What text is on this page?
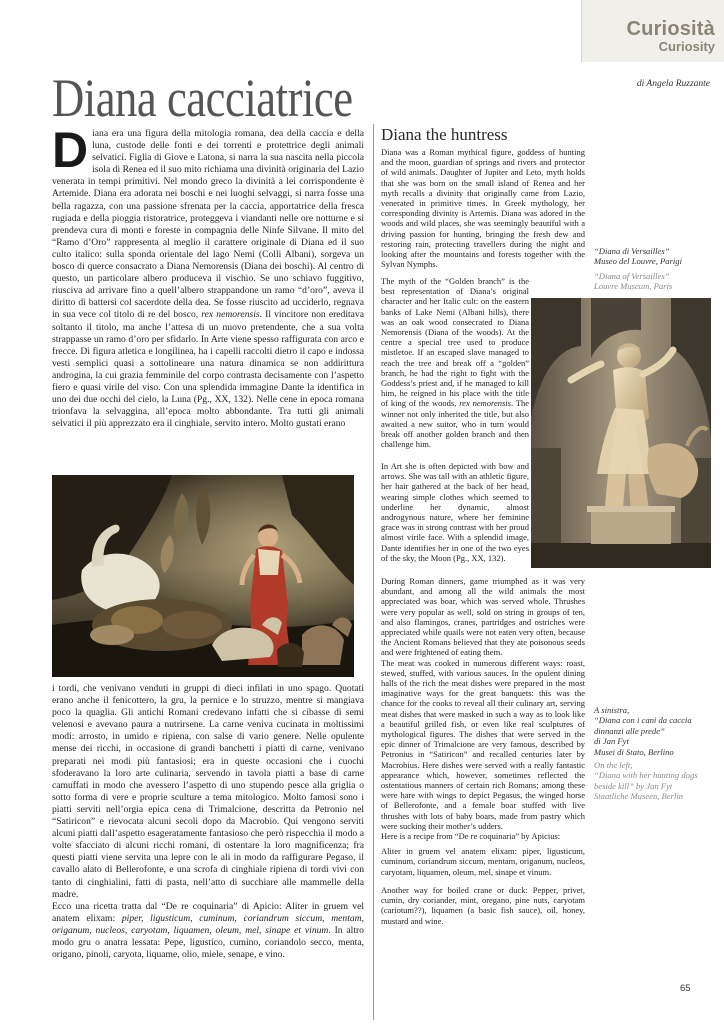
Curiosità
Curiosity
di Angela Ruzzante
Diana cacciatrice
Diana era una figura della mitologia romana, dea della caccia e della luna, custode delle fonti e dei torrenti e protettrice degli animali selvatici. Figlia di Giove e Latona, si narra la sua nascita nella piccola isola di Renea ed il suo mito richiama una divinità originaria del Lazio venerata in tempi primitivi. Nel mondo greco la divinità a lei corrispondente è Artemide. Diana era adorata nei boschi e nei luoghi selvaggi, si narra fosse una bella ragazza, con una passione sfrenata per la caccia, apportatrice della fresca rugiada e della pioggia ristoratrice, proteggeva i viandanti nelle ore notturne e si prendeva cura di monti e foreste in compagnia delle Ninfe Silvane. Il mito del “Ramo d’Oro” rappresenta al meglio il carattere originale di Diana ed il suo culto italico: sulla sponda orientale del lago Nemi (Colli Albani), sorgeva un bosco di querce consacrato a Diana Nemorensis (Diana dei boschi). Al centro di questo, un particolare albero produceva il vischio. Se uno schiavo fuggitivo, riusciva ad arrivare fino a quell’albero strappandone un ramo “d’oro”, aveva il diritto di battersi col sacerdote della dea. Se fosse riuscito ad ucciderlo, regnava in sua vece col titolo di re del bosco, rex nemorensis. Il vincitore non ereditava soltanto il titolo, ma anche l’attesa di un nuovo pretendente, che a sua volta strappasse un ramo d’oro per sfidarlo. In Arte viene spesso raffigurata con arco e frecce. Di figura atletica e longilinea, ha i capelli raccolti dietro il capo e indossa vesti semplici quasi a sottolineare una natura dinamica se non addirittura androgina, la cui grazia femminile del corpo contrasta decisamente con l’aspetto fiero e quasi virile del viso. Con una splendida immagine Dante la identifica in uno dei due occhi del cielo, la Luna (Pg., XX, 132). Nelle cene in epoca romana trionfava la selvaggina, all’epoca molto abbondante. Tra tutti gli animali selvatici il più apprezzato era il cinghiale, servito intero. Molto gustati erano

i tordi, che venivano venduti in gruppi di dieci infilati in uno spago. Quotati erano anche il fenicottero, la gru, la pernice e lo struzzo, mentre si mangiava poco la quaglia. Gli antichi Romani credevano infatti che si cibasse di semi velenosi e avevano paura a nutrirsene. La carne veniva cucinata in moltissimi modi: arrosto, in umido e ripiena, con salse di vario genere. Nelle opulente mense dei ricchi, in occasione di grandi banchetti i piatti di carne, venivano preparati nei modi più fantasiosi; era in queste occasioni che i cuochi sfoderavano la loro arte culinaria, servendo in tavola piatti a base di carne camuffati in modo che avessero l’aspetto di uno stupendo pesce alla griglia o sotto forma di vere e proprie sculture a tema mitologico. Molto famosi sono i piatti serviti nell’orgia epica cena di Trimalcione, descritta da Petronio nel “Satiricon” e rievocata alcuni secoli dopo da Macrobio. Qui vengono serviti alcuni piatti dall’aspetto esageratamente fantasioso che però rispecchia il modo a volte sfacciato di alcuni ricchi romani, di ostentare la loro magnificenza; fra questi piatti viene servita una lepre con le ali in modo da raffigurare Pegaso, il cavallo alato di Bellerofonte, e una scrofa di cinghiale ripiena di tordi vivi con tanto di cinghialini, fatti di pasta, nell’atto di succhiare alle mammelle della madre.

Ecco una ricetta tratta dal “De re coquinaria” di Apicio: Aliter in gruem vel anatem elixam: piper, ligusticum, cuminum, coriandrum siccum, mentam, origanum, nucleos, caryotam, liquamen, oleum, mel, sinape et vinum. In altro modo gru o anatra lessata: Pepe, ligustico, cumino, coriandolo secco, menta, origano, pinoli, caryota, liquame, olio, miele, senape, e vino.

Diana the huntress

Diana was a Roman mythical figure, goddess of hunting and the moon, guardian of springs and rivers and protector of wild animals. Daughter of Jupiter and Leto, myth holds that she was born on the small island of Renea and her myth recalls a divinity that originally came from Lazio, venerated in primitive times. In Greek mythology, her corresponding divinity is Artemis. Diana was adored in the woods and wild places, she was seemingly beautiful with a driving passion for hunting, bringing the fresh dew and restoring rain, protecting travellers during the night and looking after the mountains and forests together with the Sylvan Nymphs.

The myth of the “Golden branch” is the best representation of Diana’s original character and her Italic cult: on the eastern banks of Lake Nemi (Albani hills), there was an oak wood consecrated to Diana Nemorensis (Diana of the woods). At the centre a special tree used to produce mistletoe. If an escaped slave managed to reach the tree and break off a “golden” branch, he had the right to fight with the Goddess’s priest and, if he managed to kill him, he reigned in his place with the title of king of the woods, rex nemorensis. The winner not only inherited the title, but also awaited a new suitor, who in turn would break off another golden branch and then challenge him.

In Art she is often depicted with bow and arrows. She was tall with an athletic figure, her hair gathered at the back of her head, wearing simple clothes which seemed to underline her dynamic, almost androgynous nature, where her feminine grace was in strong contrast with her proud almost virile face. With a splendid image, Dante identifies her in one of the two eyes of the sky, the Moon (Pg., XX, 132).

During Roman dinners, game triumphed as it was very abundant, and among all the wild animals the most appreciated was boar, which was served whole. Thrushes were very popular as well, sold on string in groups of ten, and also flamingos, cranes, partridges and ostriches were appreciated while quails were not eaten very often, because the Ancient Romans believed that they ate poisonous seeds and were frightened of eating them.

The meat was cooked in numerous different ways: roast, stewed, stuffed, with various sauces. In the opulent dining halls of the rich the meat dishes were prepared in the most imaginative ways for the great banquets: this was the chance for the cooks to reveal all their culinary art, serving meat dishes that were masked in such a way as to look like a beautiful grilled fish, or even like real sculptures of mythological figures. The dishes that were served in the epic dinner of Trimalcione are very famous, described by Petronius in “Satiricon” and recalled centuries later by Macrobius. Here dishes were served with a really fantastic appearance which, however, sometimes reflected the ostentatious manners of certain rich Romans; among these were hare with wings to depict Pegasus, the winged horse of Bellerofonte, and a female boar stuffed with live thrushes with lots of baby boars, made from pastry which were sucking their mother’s udders.

Here is a recipe from “De re coquinaria” by Apicius:

Aliter in gruem vel anatem elixam: piper, ligusticum, cuminum, coriandrum siccum, mentam, origanum, nucleos, caryotam, liquamen, oleum, mel, sinape et vinum.

Another way for boiled crane or duck: Pepper, privet, cumin, dry coriander, mint, oregano, pine nuts, caryotam (cariotum??), liquamen (a basic fish sauce), oil, honey, mustard and wine.

“Diana di Versailles”
Museo del Louvre, Parigi
“Diana of Versailles”
Louvre Museum, Paris
A sinistra,
“Diana con i cani da caccia
dinnanzi alle prede”
di Jan Fyt
Musei di Stato, Berlino
On the left,
“Diana with her hunting dogs
beside kill” by Jan Fyt
Staatliche Museen, Berlin
65
